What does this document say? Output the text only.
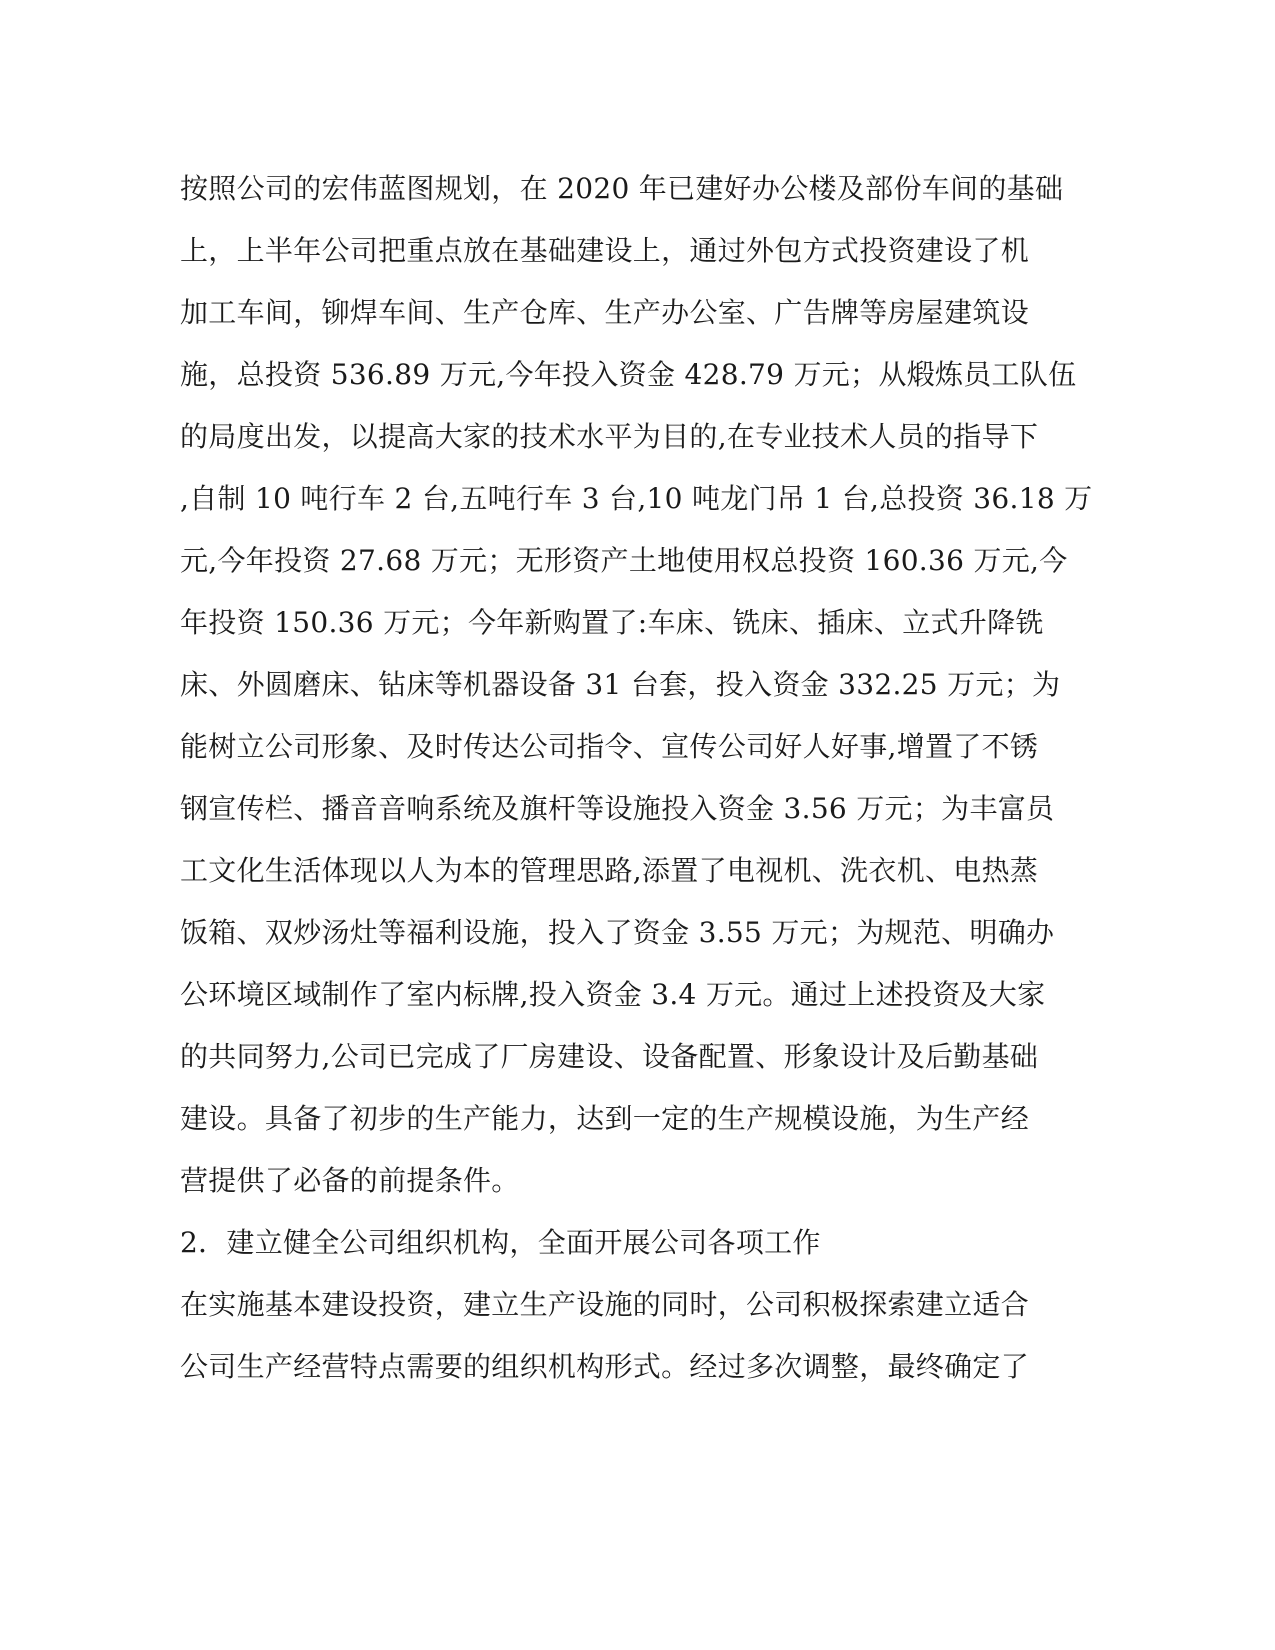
按照公司的宏伟蓝图规划，在 2020 年已建好办公楼及部份车间的基础
上，上半年公司把重点放在基础建设上，通过外包方式投资建设了机
加工车间，铆焊车间、生产仓库、生产办公室、广告牌等房屋建筑设
施，总投资 536.89 万元,今年投入资金 428.79 万元；从煅炼员工队伍
的局度出发，以提高大家的技术水平为目的,在专业技术人员的指导下
,自制 10 吨行车 2 台,五吨行车 3 台,10 吨龙门吊 1 台,总投资 36.18 万
元,今年投资 27.68 万元；无形资产土地使用权总投资 160.36 万元,今
年投资 150.36 万元；今年新购置了:车床、铣床、插床、立式升降铣
床、外圆磨床、钻床等机器设备 31 台套，投入资金 332.25 万元；为
能树立公司形象、及时传达公司指令、宣传公司好人好事,增置了不锈
钢宣传栏、播音音响系统及旗杆等设施投入资金 3.56 万元；为丰富员
工文化生活体现以人为本的管理思路,添置了电视机、洗衣机、电热蒸
饭箱、双炒汤灶等福利设施，投入了资金 3.55 万元；为规范、明确办
公环境区域制作了室内标牌,投入资金 3.4 万元。通过上述投资及大家
的共同努力,公司已完成了厂房建设、设备配置、形象设计及后勤基础
建设。具备了初步的生产能力，达到一定的生产规模设施，为生产经
营提供了必备的前提条件。
2．建立健全公司组织机构，全面开展公司各项工作
在实施基本建设投资，建立生产设施的同时，公司积极探索建立适合
公司生产经营特点需要的组织机构形式。经过多次调整，最终确定了
